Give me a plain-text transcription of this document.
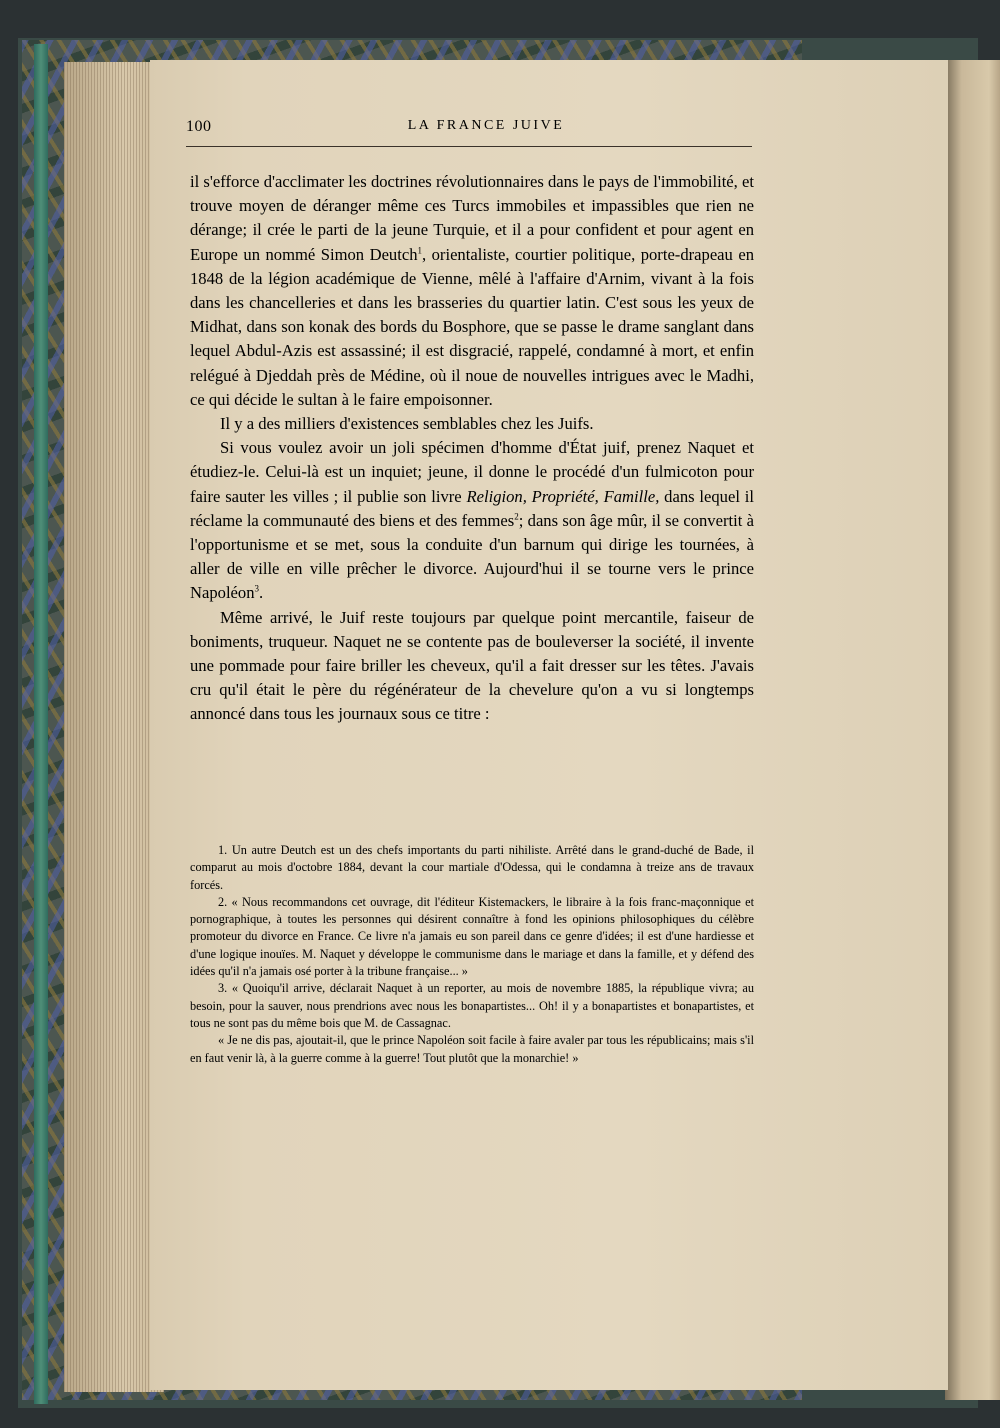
100	LA FRANCE JUIVE

il s'efforce d'acclimater les doctrines révolutionnaires dans le pays de l'immobilité, et trouve moyen de déranger même ces Turcs immobiles et impassibles que rien ne dérange; il crée le parti de la jeune Turquie, et il a pour confident et pour agent en Europe un nommé Simon Deutch$^1$, orientaliste, courtier politique, porte-drapeau en 1848 de la légion académique de Vienne, mêlé à l'affaire d'Arnim, vivant à la fois dans les chancelleries et dans les brasseries du quartier latin. C'est sous les yeux de Midhat, dans son konak des bords du Bosphore, que se passe le drame sanglant dans lequel Abdul-Azis est assassiné; il est disgracié, rappelé, condamné à mort, et enfin relégué à Djeddah près de Médine, où il noue de nouvelles intrigues avec le Madhi, ce qui décide le sultan à le faire empoisonner.

Il y a des milliers d'existences semblables chez les Juifs.

Si vous voulez avoir un joli spécimen d'homme d'État juif, prenez Naquet et étudiez-le. Celui-là est un inquiet; jeune, il donne le procédé d'un fulmicoton pour faire sauter les villes ; il publie son livre Religion, Propriété, Famille, dans lequel il réclame la communauté des biens et des femmes$^2$; dans son âge mûr, il se convertit à l'opportunisme et se met, sous la conduite d'un barnum qui dirige les tournées, à aller de ville en ville prêcher le divorce. Aujourd'hui il se tourne vers le prince Napoléon$^3$.

Même arrivé, le Juif reste toujours par quelque point mercantile, faiseur de boniments, truqueur. Naquet ne se contente pas de bouleverser la société, il invente une pommade pour faire briller les cheveux, qu'il a fait dresser sur les têtes. J'avais cru qu'il était le père du régénérateur de la chevelure qu'on a vu si longtemps annoncé dans tous les journaux sous ce titre :

1. Un autre Deutch est un des chefs importants du parti nihiliste. Arrêté dans le grand-duché de Bade, il comparut au mois d'octobre 1884, devant la cour martiale d'Odessa, qui le condamna à treize ans de travaux forcés.

2. « Nous recommandons cet ouvrage, dit l'éditeur Kistemackers, le libraire à la fois franc-maçonnique et pornographique, à toutes les personnes qui désirent connaître à fond les opinions philosophiques du célèbre promoteur du divorce en France. Ce livre n'a jamais eu son pareil dans ce genre d'idées; il est d'une hardiesse et d'une logique inouïes. M. Naquet y développe le communisme dans le mariage et dans la famille, et y défend des idées qu'il n'a jamais osé porter à la tribune française... »

3. « Quoiqu'il arrive, déclarait Naquet à un reporter, au mois de novembre 1885, la république vivra; au besoin, pour la sauver, nous prendrions avec nous les bonapartistes... Oh! il y a bonapartistes et bonapartistes, et tous ne sont pas du même bois que M. de Cassagnac.

« Je ne dis pas, ajoutait-il, que le prince Napoléon soit facile à faire avaler par tous les républicains; mais s'il en faut venir là, à la guerre comme à la guerre! Tout plutôt que la monarchie! »
